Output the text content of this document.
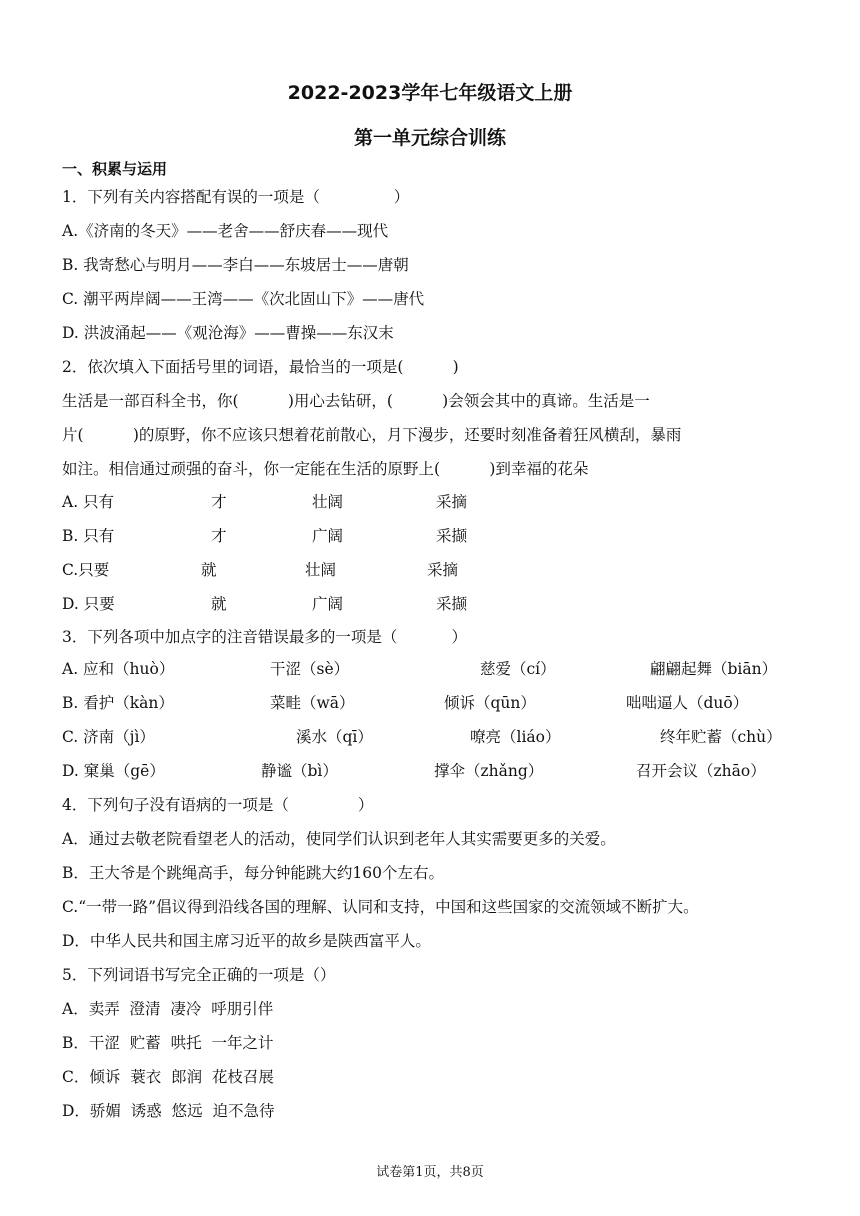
2022-2023学年七年级语文上册
第一单元综合训练
一、积累与运用
1．下列有关内容搭配有误的一项是（               ）
A.《济南的冬天》——老舍——舒庆春——现代
B. 我寄愁心与明月——李白——东坡居士——唐朝
C. 潮平两岸阔——王湾——《次北固山下》——唐代
D. 洪波涌起——《观沧海》——曹操——东汉末
2．依次填入下面括号里的词语，最恰当的一项是(          )
生活是一部百科全书，你(          )用心去钻研，(          )会领会其中的真谛。生活是一
片(          )的原野，你不应该只想着花前散心，月下漫步，还要时刻准备着狂风横刮，暴雨
如注。相信通过顽强的奋斗，你一定能在生活的原野上(          )到幸福的花朵
A. 只有	才	壮阔	采摘
B. 只有	才	广阔	采撷
C.只要	就	壮阔	采摘
D. 只要	就	广阔	采撷
3．下列各项中加点字的注音错误最多的一项是（           ）
A. 应和（huò）	干涩（sè）	慈爱（cí）	翩翩起舞（biān）
B. 看护（kàn）	菜畦（wā）	倾诉（qūn）	咄咄逼人（duō）
C. 济南（jì）	溪水（qī）	嘹亮（liáo）	终年贮蓄（chù）
D. 窠巢（gē）	静谧（bì）	撑伞（zhǎng）	召开会议（zhāo）
4．下列句子没有语病的一项是（              ）
A．通过去敬老院看望老人的活动，使同学们认识到老年人其实需要更多的关爱。
B．王大爷是个跳绳高手，每分钟能跳大约160个左右。
C.“一带一路”倡议得到沿线各国的理解、认同和支持，中国和这些国家的交流领域不断扩大。
D．中华人民共和国主席习近平的故乡是陕西富平人。
5．下列词语书写完全正确的一项是（）
A．卖弄  澄清  凄冷  呼朋引伴
B．干涩  贮蓄  哄托  一年之计
C．倾诉  蓑衣  郎润  花枝召展
D．骄媚  诱惑  悠远  迫不急待
试卷第1页，共8页
